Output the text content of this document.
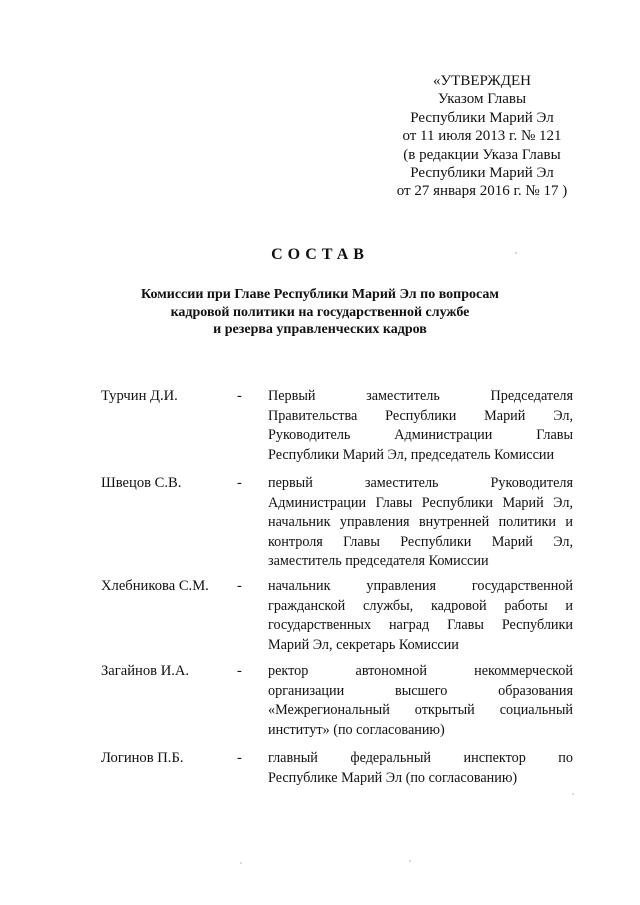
«УТВЕРЖДЕН
Указом Главы
Республики Марий Эл
от 11 июля 2013 г. № 121
(в редакции Указа Главы
Республики Марий Эл
от 27 января 2016 г. № 17 )
СОСТАВ
Комиссии при Главе Республики Марий Эл по вопросам
кадровой политики на государственной службе
и резерва управленческих кадров
Турчин Д.И.	- Первый заместитель Председателя
Правительства Республики Марий Эл,
Руководитель Администрации Главы
Республики Марий Эл, председатель Комиссии
Швецов С.В.	- первый заместитель Руководителя
Администрации Главы Республики Марий Эл,
начальник управления внутренней политики и
контроля Главы Республики Марий Эл,
заместитель председателя Комиссии
Хлебникова С.М. - начальник управления государственной
гражданской службы, кадровой работы и
государственных наград Главы Республики
Марий Эл, секретарь Комиссии
Загайнов И.А.	- ректор автономной некоммерческой
организации высшего образования
«Межрегиональный открытый социальный
институт» (по согласованию)
Логинов П.Б.	- главный федеральный инспектор по
Республике Марий Эл (по согласованию)
